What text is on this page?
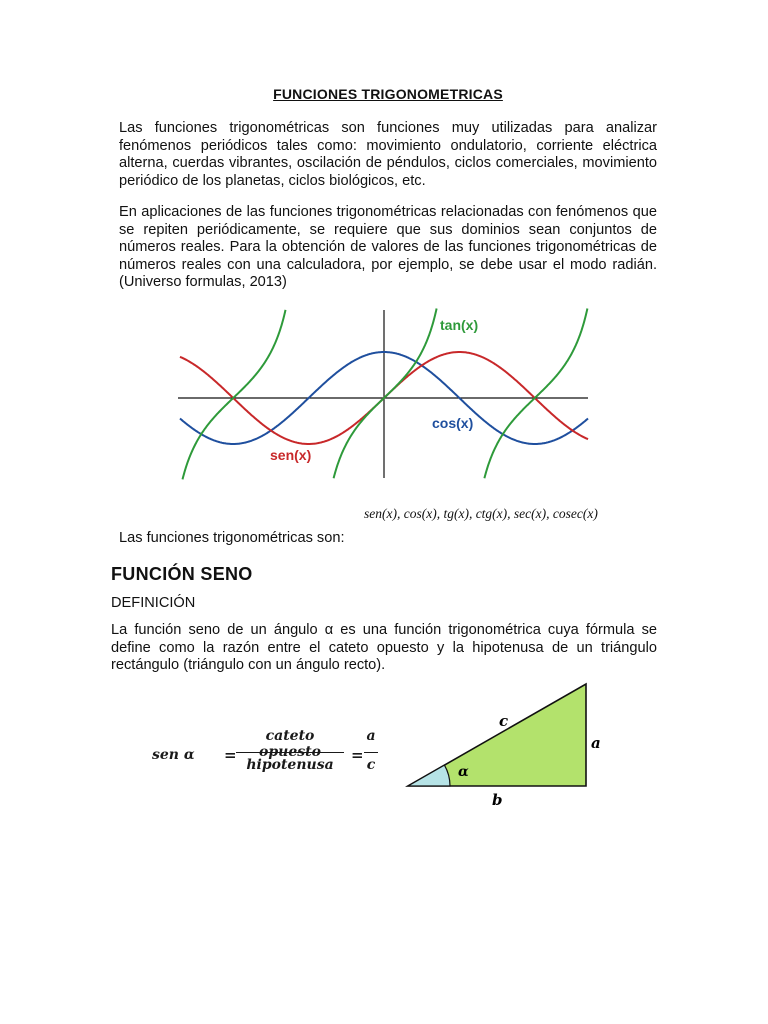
FUNCIONES TRIGONOMETRICAS
Las funciones trigonométricas son funciones muy utilizadas para analizar fenómenos periódicos tales como: movimiento ondulatorio, corriente eléctrica alterna, cuerdas vibrantes, oscilación de péndulos, ciclos comerciales, movimiento periódico de los planetas, ciclos biológicos, etc.
En aplicaciones de las funciones trigonométricas relacionadas con fenómenos que se repiten periódicamente, se requiere que sus dominios sean conjuntos de números reales. Para la obtención de valores de las funciones trigonométricas de números reales con una calculadora, por ejemplo, se debe usar el modo radián. (Universo formulas, 2013)
tan(x)
cos(x)
sen(x)
sen(x), cos(x), tg(x), ctg(x), sec(x), cosec(x)
Las funciones trigonométricas son:
FUNCIÓN SENO
DEFINICIÓN
La función seno de un ángulo α es una función trigonométrica cuya fórmula se define como la razón entre el cateto opuesto y la hipotenusa de un triángulo rectángulo (triángulo con un ángulo recto).
sen α =
cateto opuesto
hipotenusa
=
a
c
c
a
b
α
